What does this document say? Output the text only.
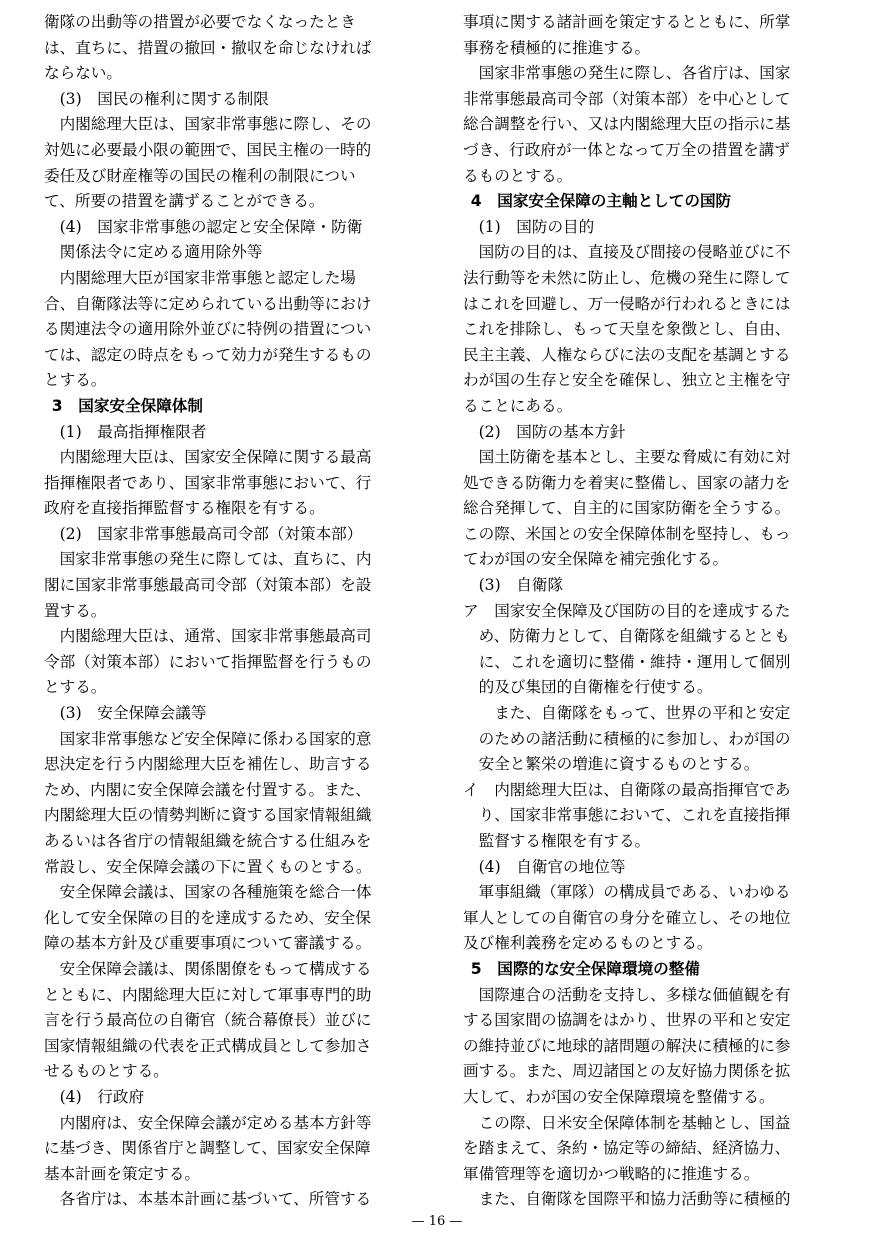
衛隊の出動等の措置が必要でなくなったとき
は、直ちに、措置の撤回・撤収を命じなければ
ならない。
(3)　国民の権利に関する制限
内閣総理大臣は、国家非常事態に際し、その
対処に必要最小限の範囲で、国民主権の一時的
委任及び財産権等の国民の権利の制限につい
て、所要の措置を講ずることができる。
(4)　国家非常事態の認定と安全保障・防衛
関係法令に定める適用除外等
内閣総理大臣が国家非常事態と認定した場
合、自衛隊法等に定められている出動等におけ
る関連法令の適用除外並びに特例の措置につい
ては、認定の時点をもって効力が発生するもの
とする。
3　国家安全保障体制
(1)　最高指揮権限者
内閣総理大臣は、国家安全保障に関する最高
指揮権限者であり、国家非常事態において、行
政府を直接指揮監督する権限を有する。
(2)　国家非常事態最高司令部（対策本部）
国家非常事態の発生に際しては、直ちに、内
閣に国家非常事態最高司令部（対策本部）を設
置する。
内閣総理大臣は、通常、国家非常事態最高司
令部（対策本部）において指揮監督を行うもの
とする。
(3)　安全保障会議等
国家非常事態など安全保障に係わる国家的意
思決定を行う内閣総理大臣を補佐し、助言する
ため、内閣に安全保障会議を付置する。また、
内閣総理大臣の情勢判断に資する国家情報組織
あるいは各省庁の情報組織を統合する仕組みを
常設し、安全保障会議の下に置くものとする。
安全保障会議は、国家の各種施策を総合一体
化して安全保障の目的を達成するため、安全保
障の基本方針及び重要事項について審議する。
安全保障会議は、関係閣僚をもって構成する
とともに、内閣総理大臣に対して軍事専門的助
言を行う最高位の自衛官（統合幕僚長）並びに
国家情報組織の代表を正式構成員として参加さ
せるものとする。
(4)　行政府
内閣府は、安全保障会議が定める基本方針等
に基づき、関係省庁と調整して、国家安全保障
基本計画を策定する。
各省庁は、本基本計画に基づいて、所管する
事項に関する諸計画を策定するとともに、所掌
事務を積極的に推進する。
国家非常事態の発生に際し、各省庁は、国家
非常事態最高司令部（対策本部）を中心として
総合調整を行い、又は内閣総理大臣の指示に基
づき、行政府が一体となって万全の措置を講ず
るものとする。
4　国家安全保障の主軸としての国防
(1)　国防の目的
国防の目的は、直接及び間接の侵略並びに不
法行動等を未然に防止し、危機の発生に際して
はこれを回避し、万一侵略が行われるときには
これを排除し、もって天皇を象徴とし、自由、
民主主義、人権ならびに法の支配を基調とする
わが国の生存と安全を確保し、独立と主権を守
ることにある。
(2)　国防の基本方針
国土防衛を基本とし、主要な脅威に有効に対
処できる防衛力を着実に整備し、国家の諸力を
総合発揮して、自主的に国家防衛を全うする。
この際、米国との安全保障体制を堅持し、もっ
てわが国の安全保障を補完強化する。
(3)　自衛隊
ア　国家安全保障及び国防の目的を達成するた
め、防衛力として、自衛隊を組織するととも
に、これを適切に整備・維持・運用して個別
的及び集団的自衛権を行使する。
また、自衛隊をもって、世界の平和と安定
のための諸活動に積極的に参加し、わが国の
安全と繁栄の増進に資するものとする。
イ　内閣総理大臣は、自衛隊の最高指揮官であ
り、国家非常事態において、これを直接指揮
監督する権限を有する。
(4)　自衛官の地位等
軍事組織（軍隊）の構成員である、いわゆる
軍人としての自衛官の身分を確立し、その地位
及び権利義務を定めるものとする。
5　国際的な安全保障環境の整備
国際連合の活動を支持し、多様な価値観を有
する国家間の協調をはかり、世界の平和と安定
の維持並びに地球的諸問題の解決に積極的に参
画する。また、周辺諸国との友好協力関係を拡
大して、わが国の安全保障環境を整備する。
この際、日米安全保障体制を基軸とし、国益
を踏まえて、条約・協定等の締結、経済協力、
軍備管理等を適切かつ戦略的に推進する。
また、自衛隊を国際平和協力活動等に積極的
— 16 —
